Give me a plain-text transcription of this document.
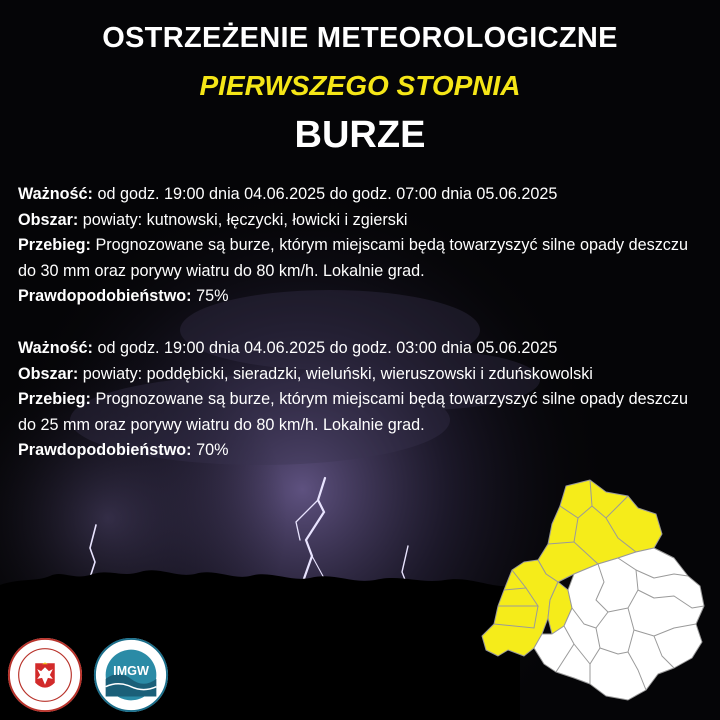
OSTRZEŻENIE METEOROLOGICZNE
PIERWSZEGO STOPNIA
BURZE

Ważność: od godz. 19:00 dnia 04.06.2025 do godz. 07:00 dnia 05.06.2025

Obszar: powiaty: kutnowski, łęczycki, łowicki i zgierski

Przebieg: Prognozowane są burze, którym miejscami będą towarzyszyć silne opady deszczu do 30 mm oraz porywy wiatru do 80 km/h. Lokalnie grad.

Prawdopodobieństwo: 75%

Ważność: od godz. 19:00 dnia 04.06.2025 do godz. 03:00 dnia 05.06.2025

Obszar: powiaty: poddębicki, sieradzki, wieluński, wieruszowski i zduńskowolski

Przebieg: Prognozowane są burze, którym miejscami będą towarzyszyć silne opady deszczu do 25 mm oraz porywy wiatru do 80 km/h. Lokalnie grad.

Prawdopodobieństwo: 70%

IMGW
